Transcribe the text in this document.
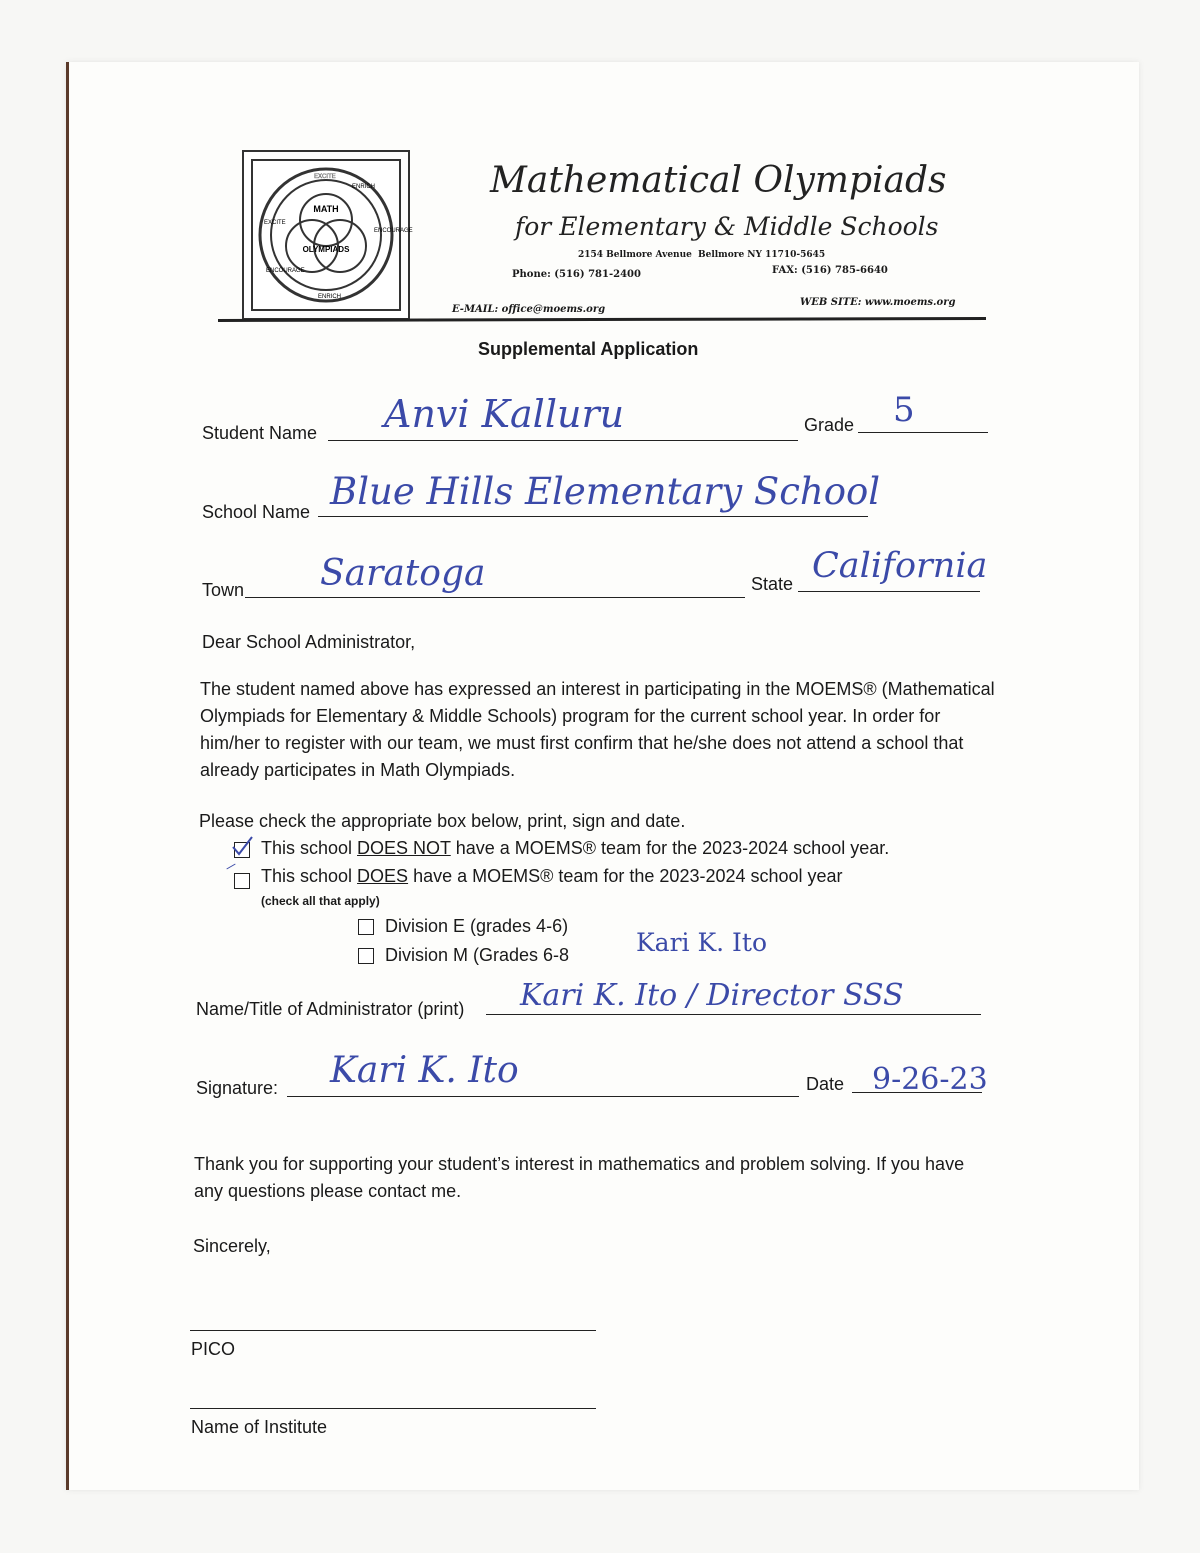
MATH
OLYMPIADS
EXCITE
ENRICH
ENCOURAGE
ENRICH
ENCOURAGE
EXCITE
Mathematical Olympiads
for Elementary & Middle Schools
2154 Bellmore Avenue Bellmore NY 11710-5645
Phone: (516) 781-2400	FAX: (516) 785-6640
E-MAIL: office@moems.org
WEB SITE: www.moems.org
Supplemental Application
Student Name Anvi Kalluru	Grade 5
School Name Blue Hills Elementary School
Town Saratoga	State California
Dear School Administrator,
The student named above has expressed an interest in participating in the MOEMS® (Mathematical Olympiads for Elementary & Middle Schools) program for the current school year. In order for him/her to register with our team, we must first confirm that he/she does not attend a school that already participates in Math Olympiads.
Please check the appropriate box below, print, sign and date.
This school DOES NOT have a MOEMS® team for the 2023-2024 school year.
This school DOES have a MOEMS® team for the 2023-2024 school year
(check all that apply)
Division E (grades 4-6)
Division M (Grades 6-8	Kari K. Ito
Name/Title of Administrator (print) Kari K. Ito / Director SSS
Signature: Kari K. Ito	Date 9-26-23
Thank you for supporting your student’s interest in mathematics and problem solving. If you have any questions please contact me.
Sincerely,
PICO
Name of Institute
